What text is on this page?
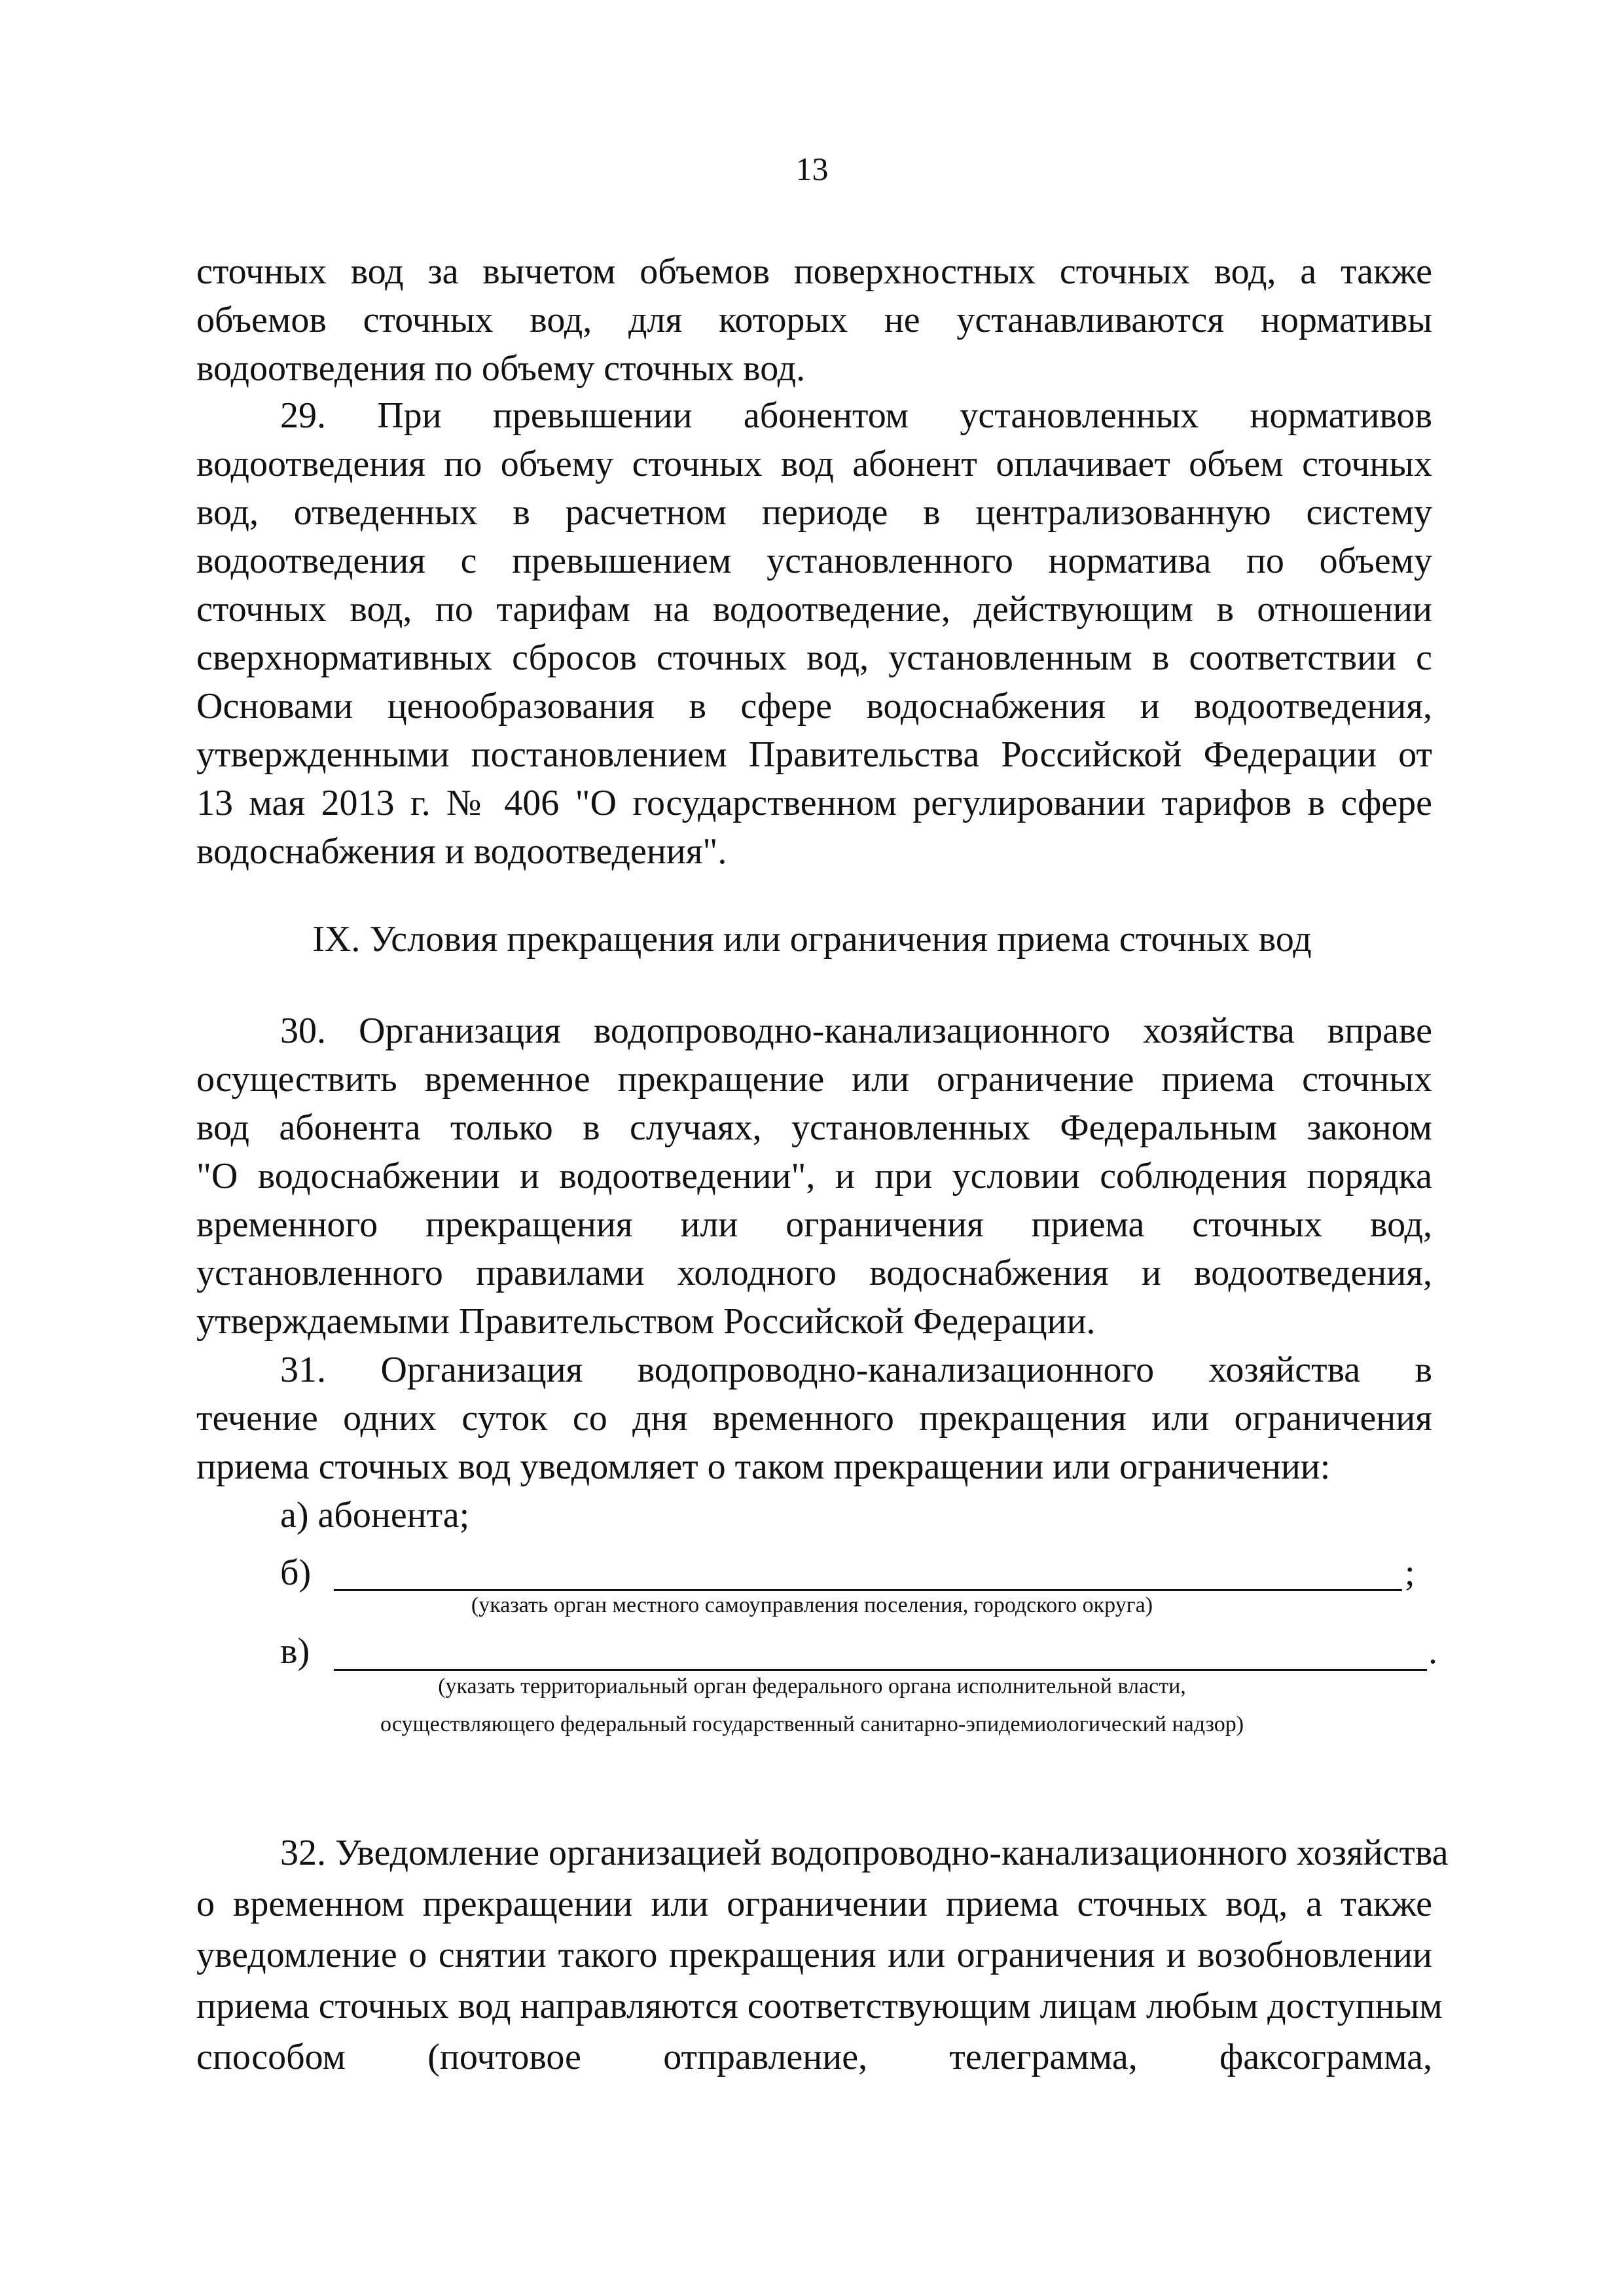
13
сточных вод за вычетом объемов поверхностных сточных вод, а также
объемов сточных вод, для которых не устанавливаются нормативы
водоотведения по объему сточных вод.
29. При превышении абонентом установленных нормативов
водоотведения по объему сточных вод абонент оплачивает объем сточных
вод, отведенных в расчетном периоде в централизованную систему
водоотведения с превышением установленного норматива по объему
сточных вод, по тарифам на водоотведение, действующим в отношении
сверхнормативных сбросов сточных вод, установленным в соответствии с
Основами ценообразования в сфере водоснабжения и водоотведения,
утвержденными постановлением Правительства Российской Федерации от
13 мая 2013 г. № 406 "О государственном регулировании тарифов в сфере
водоснабжения и водоотведения".
IX. Условия прекращения или ограничения приема сточных вод
30. Организация водопроводно-канализационного хозяйства вправе
осуществить временное прекращение или ограничение приема сточных
вод абонента только в случаях, установленных Федеральным законом
"О водоснабжении и водоотведении", и при условии соблюдения порядка
временного прекращения или ограничения приема сточных вод,
установленного правилами холодного водоснабжения и водоотведения,
утверждаемыми Правительством Российской Федерации.
31. Организация водопроводно-канализационного хозяйства в
течение одних суток со дня временного прекращения или ограничения
приема сточных вод уведомляет о таком прекращении или ограничении:
а) абонента;
б)	;
(указать орган местного самоуправления поселения, городского округа)
в)	.
(указать территориальный орган федерального органа исполнительной власти,
осуществляющего федеральный государственный санитарно-эпидемиологический надзор)
32. Уведомление организацией водопроводно-канализационного хозяйства
о временном прекращении или ограничении приема сточных вод, а также
уведомление о снятии такого прекращения или ограничения и возобновлении
приема сточных вод направляются соответствующим лицам любым доступным
способом (почтовое отправление, телеграмма, факсограмма,
